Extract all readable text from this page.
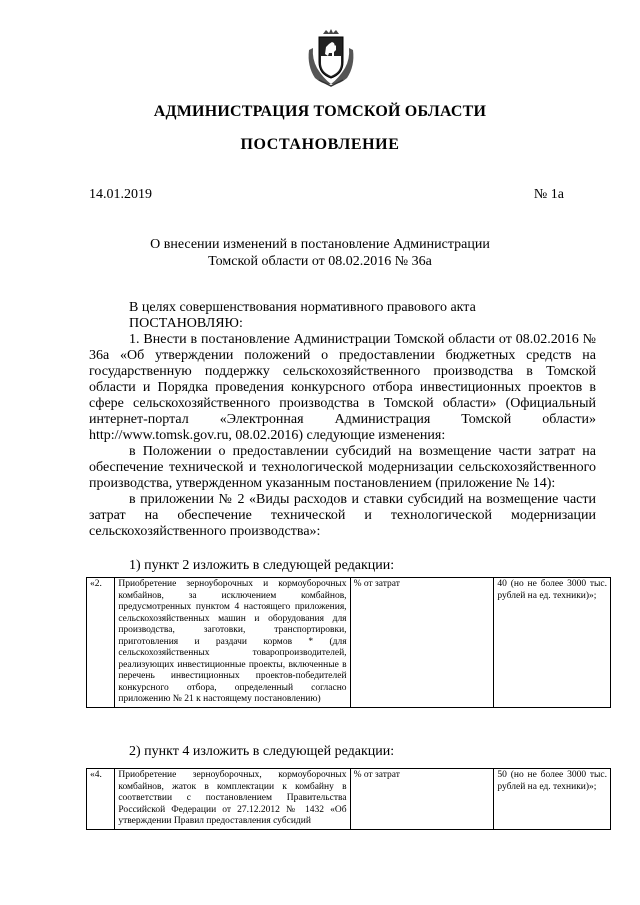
АДМИНИСТРАЦИЯ ТОМСКОЙ ОБЛАСТИ
ПОСТАНОВЛЕНИЕ
14.01.2019	№ 1а
О внесении изменений в постановление Администрации
Томской области от 08.02.2016 № 36а

В целях совершенствования нормативного правового акта

ПОСТАНОВЛЯЮ:

1. Внести в постановление Администрации Томской области от 08.02.2016 № 36а «Об утверждении положений о предоставлении бюджетных средств на государственную поддержку сельскохозяйственного производства в Томской области и Порядка проведения конкурсного отбора инвестиционных проектов в сфере сельскохозяйственного производства в Томской области» (Официальный интернет-портал «Электронная Администрация Томской области» http://www.tomsk.gov.ru, 08.02.2016) следующие изменения:

в Положении о предоставлении субсидий на возмещение части затрат на обеспечение технической и технологической модернизации сельскохозяйственного производства, утвержденном указанным постановлением (приложение № 14):

в приложении № 2 «Виды расходов и ставки субсидий на возмещение части затрат на обеспечение технической и технологической модернизации сельскохозяйственного производства»:

1) пункт 2 изложить в следующей редакции:

«2.	Приобретение зерноуборочных и кормоуборочных комбайнов, за исключением комбайнов, предусмотренных пунктом 4 настоящего приложения, сельскохозяйственных машин и оборудования для производства, заготовки, транспортировки, приготовления и раздачи кормов * (для сельскохозяйственных товаропроизводителей, реализующих инвестиционные проекты, включенные в перечень инвестиционных проектов-победителей конкурсного отбора, определенный согласно приложению № 21 к настоящему постановлению)	% от затрат	40 (но не более 3000 тыс. рублей на ед. техники)»;

2) пункт 4 изложить в следующей редакции:

«4.	Приобретение зерноуборочных, кормоуборочных комбайнов, жаток в комплектации к комбайну в соответствии с постановлением Правительства Российской Федерации от 27.12.2012 № 1432 «Об утверждении Правил предоставления субсидий	% от затрат	50 (но не более 3000 тыс. рублей на ед. техники)»;
